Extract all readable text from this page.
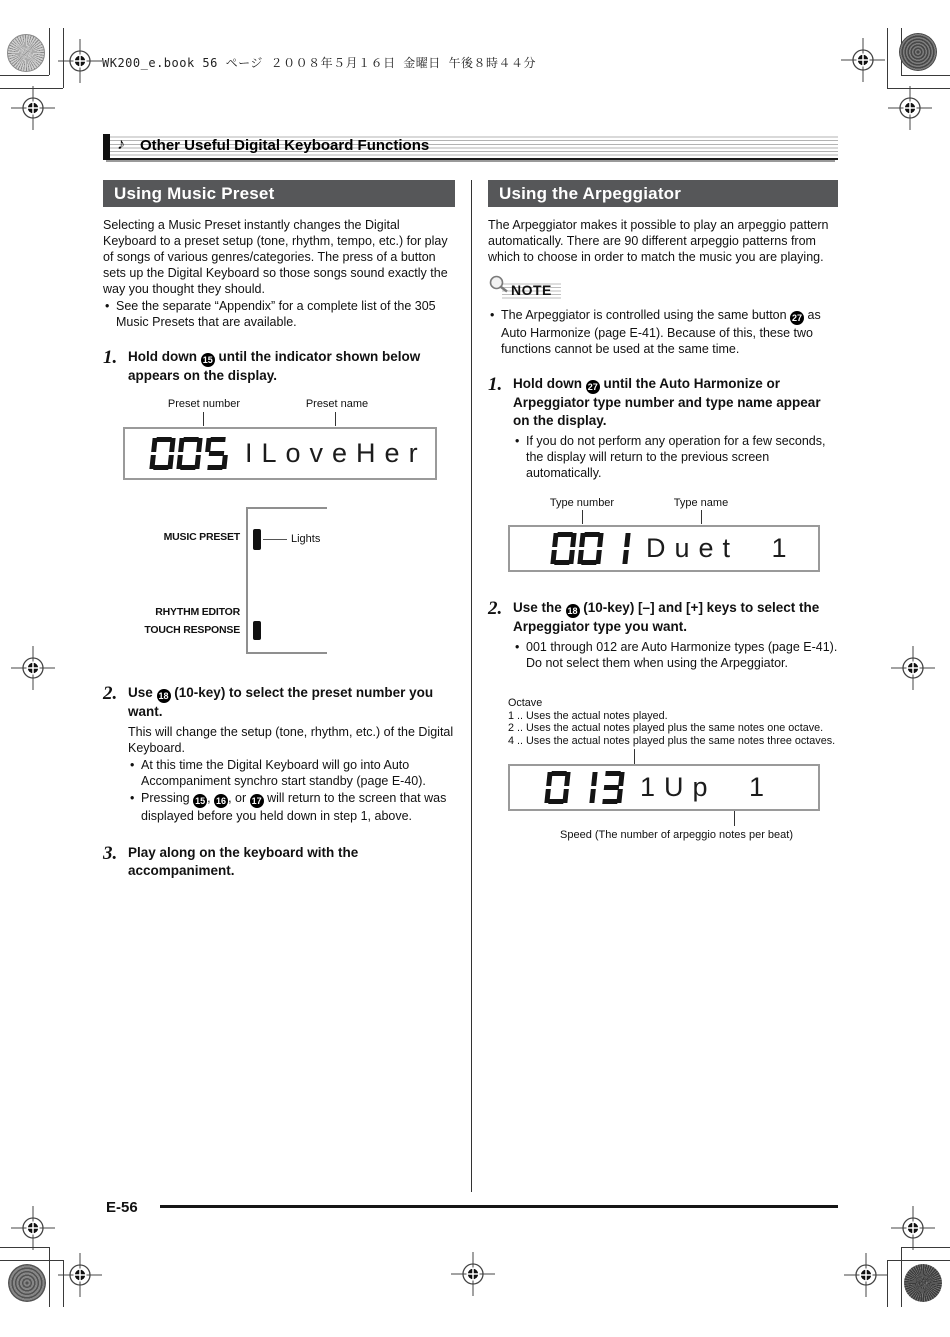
WK200_e.book 56 ページ ２００８年５月１６日 金曜日 午後８時４４分
♪ Other Useful Digital Keyboard Functions
Using Music Preset

Selecting a Music Preset instantly changes the Digital Keyboard to a preset setup (tone, rhythm, tempo, etc.) for play of songs of various genres/categories. The press of a button sets up the Digital Keyboard so those songs sound exactly the way you thought they should.

• See the separate “Appendix” for a complete list of the 305 Music Presets that are available.
1. Hold down 15 until the indicator shown below appears on the display.
Preset number	Preset name
ILoveHer
MUSIC PRESET
RHYTHM EDITOR
TOUCH RESPONSE
Lights
2. Use 18 (10-key) to select the preset number you want.
This will change the setup (tone, rhythm, etc.) of the Digital Keyboard.
• At this time the Digital Keyboard will go into Auto Accompaniment synchro start standby (page E-40).
• Pressing 15 , 16 , or 17 will return to the screen that was displayed before you held down in step 1, above.
3. Play along on the keyboard with the accompaniment.
Using the Arpeggiator

The Arpeggiator makes it possible to play an arpeggio pattern automatically. There are 90 different arpeggio patterns from which to choose in order to match the music you are playing.

NOTE
• The Arpeggiator is controlled using the same button 27 as Auto Harmonize (page E-41). Because of this, these two functions cannot be used at the same time.
1. Hold down 27 until the Auto Harmonize or Arpeggiator type number and type name appear on the display.
• If you do not perform any operation for a few seconds, the display will return to the previous screen automatically.
Type number	Type name
Duet 1
2. Use the 18 (10-key) [–] and [+] keys to select the Arpeggiator type you want.
• 001 through 012 are Auto Harmonize types (page E-41). Do not select them when using the Arpeggiator.
Octave
1 .. Uses the actual notes played.
2 .. Uses the actual notes played plus the same notes one octave.
4 .. Uses the actual notes played plus the same notes three octaves.
1Up 1
Speed (The number of arpeggio notes per beat)
E-56
